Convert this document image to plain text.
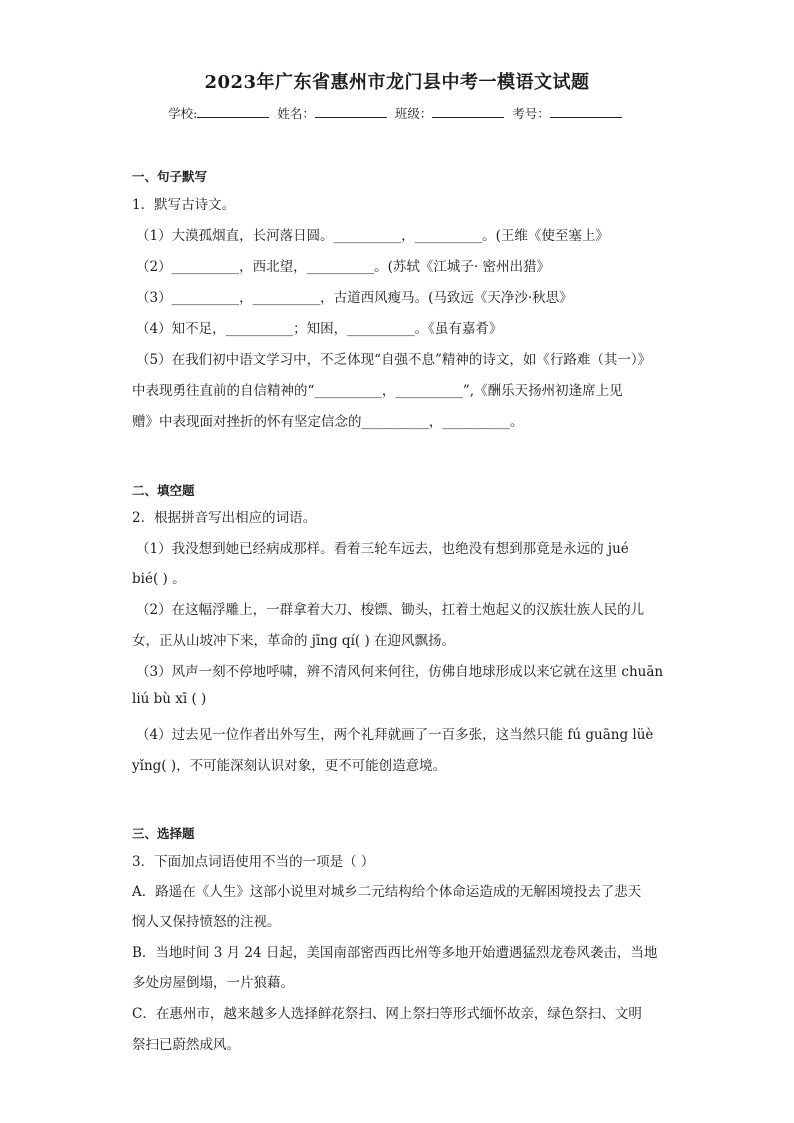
2023年广东省惠州市龙门县中考一模语文试题
学校:	姓名：	班级：	考号：
一、句子默写
1．默写古诗文。
（1）大漠孤烟直，长河落日圆。__________，__________。(王维《使至塞上》
（2）__________，西北望，__________。(苏轼《江城子· 密州出猎》
（3）__________，__________，古道西风瘦马。(马致远《天净沙·秋思》
（4）知不足，__________；知困，__________。《虽有嘉肴》
（5）在我们初中语文学习中，不乏体现“自强不息”精神的诗文，如《行路难（其一）》
中表现勇往直前的自信精神的“__________，__________”,《酬乐天扬州初逢席上见
赠》中表现面对挫折的怀有坚定信念的__________，__________。
二、填空题
2．根据拼音写出相应的词语。
（1）我没想到她已经病成那样。看着三轮车远去，也绝没有想到那竟是永远的 jué
bié( ) 。
（2）在这幅浮雕上，一群拿着大刀、梭镖、锄头，扛着土炮起义的汉族壮族人民的儿
女，正从山坡冲下来，革命的 jīng qí( ) 在迎风飘扬。
（3）风声一刻不停地呼啸，辨不清风何来何往，仿佛自地球形成以来它就在这里 chuān
liú bù xī ( )
（4）过去见一位作者出外写生，两个礼拜就画了一百多张，这当然只能 fú guāng lüè
yǐng( )，不可能深刻认识对象，更不可能创造意境。
三、选择题
3．下面加点词语使用不当的一项是（ ）
A．路遥在《人生》这部小说里对城乡二元结构给个体命运造成的无解困境投去了悲天
悯人又保持愤怒的注视。
B．当地时间 3 月 24 日起，美国南部密西西比州等多地开始遭遇猛烈龙卷风袭击，当地
多处房屋倒塌，一片狼藉。
C．在惠州市，越来越多人选择鲜花祭扫、网上祭扫等形式缅怀故亲，绿色祭扫、文明
祭扫已蔚然成风。
